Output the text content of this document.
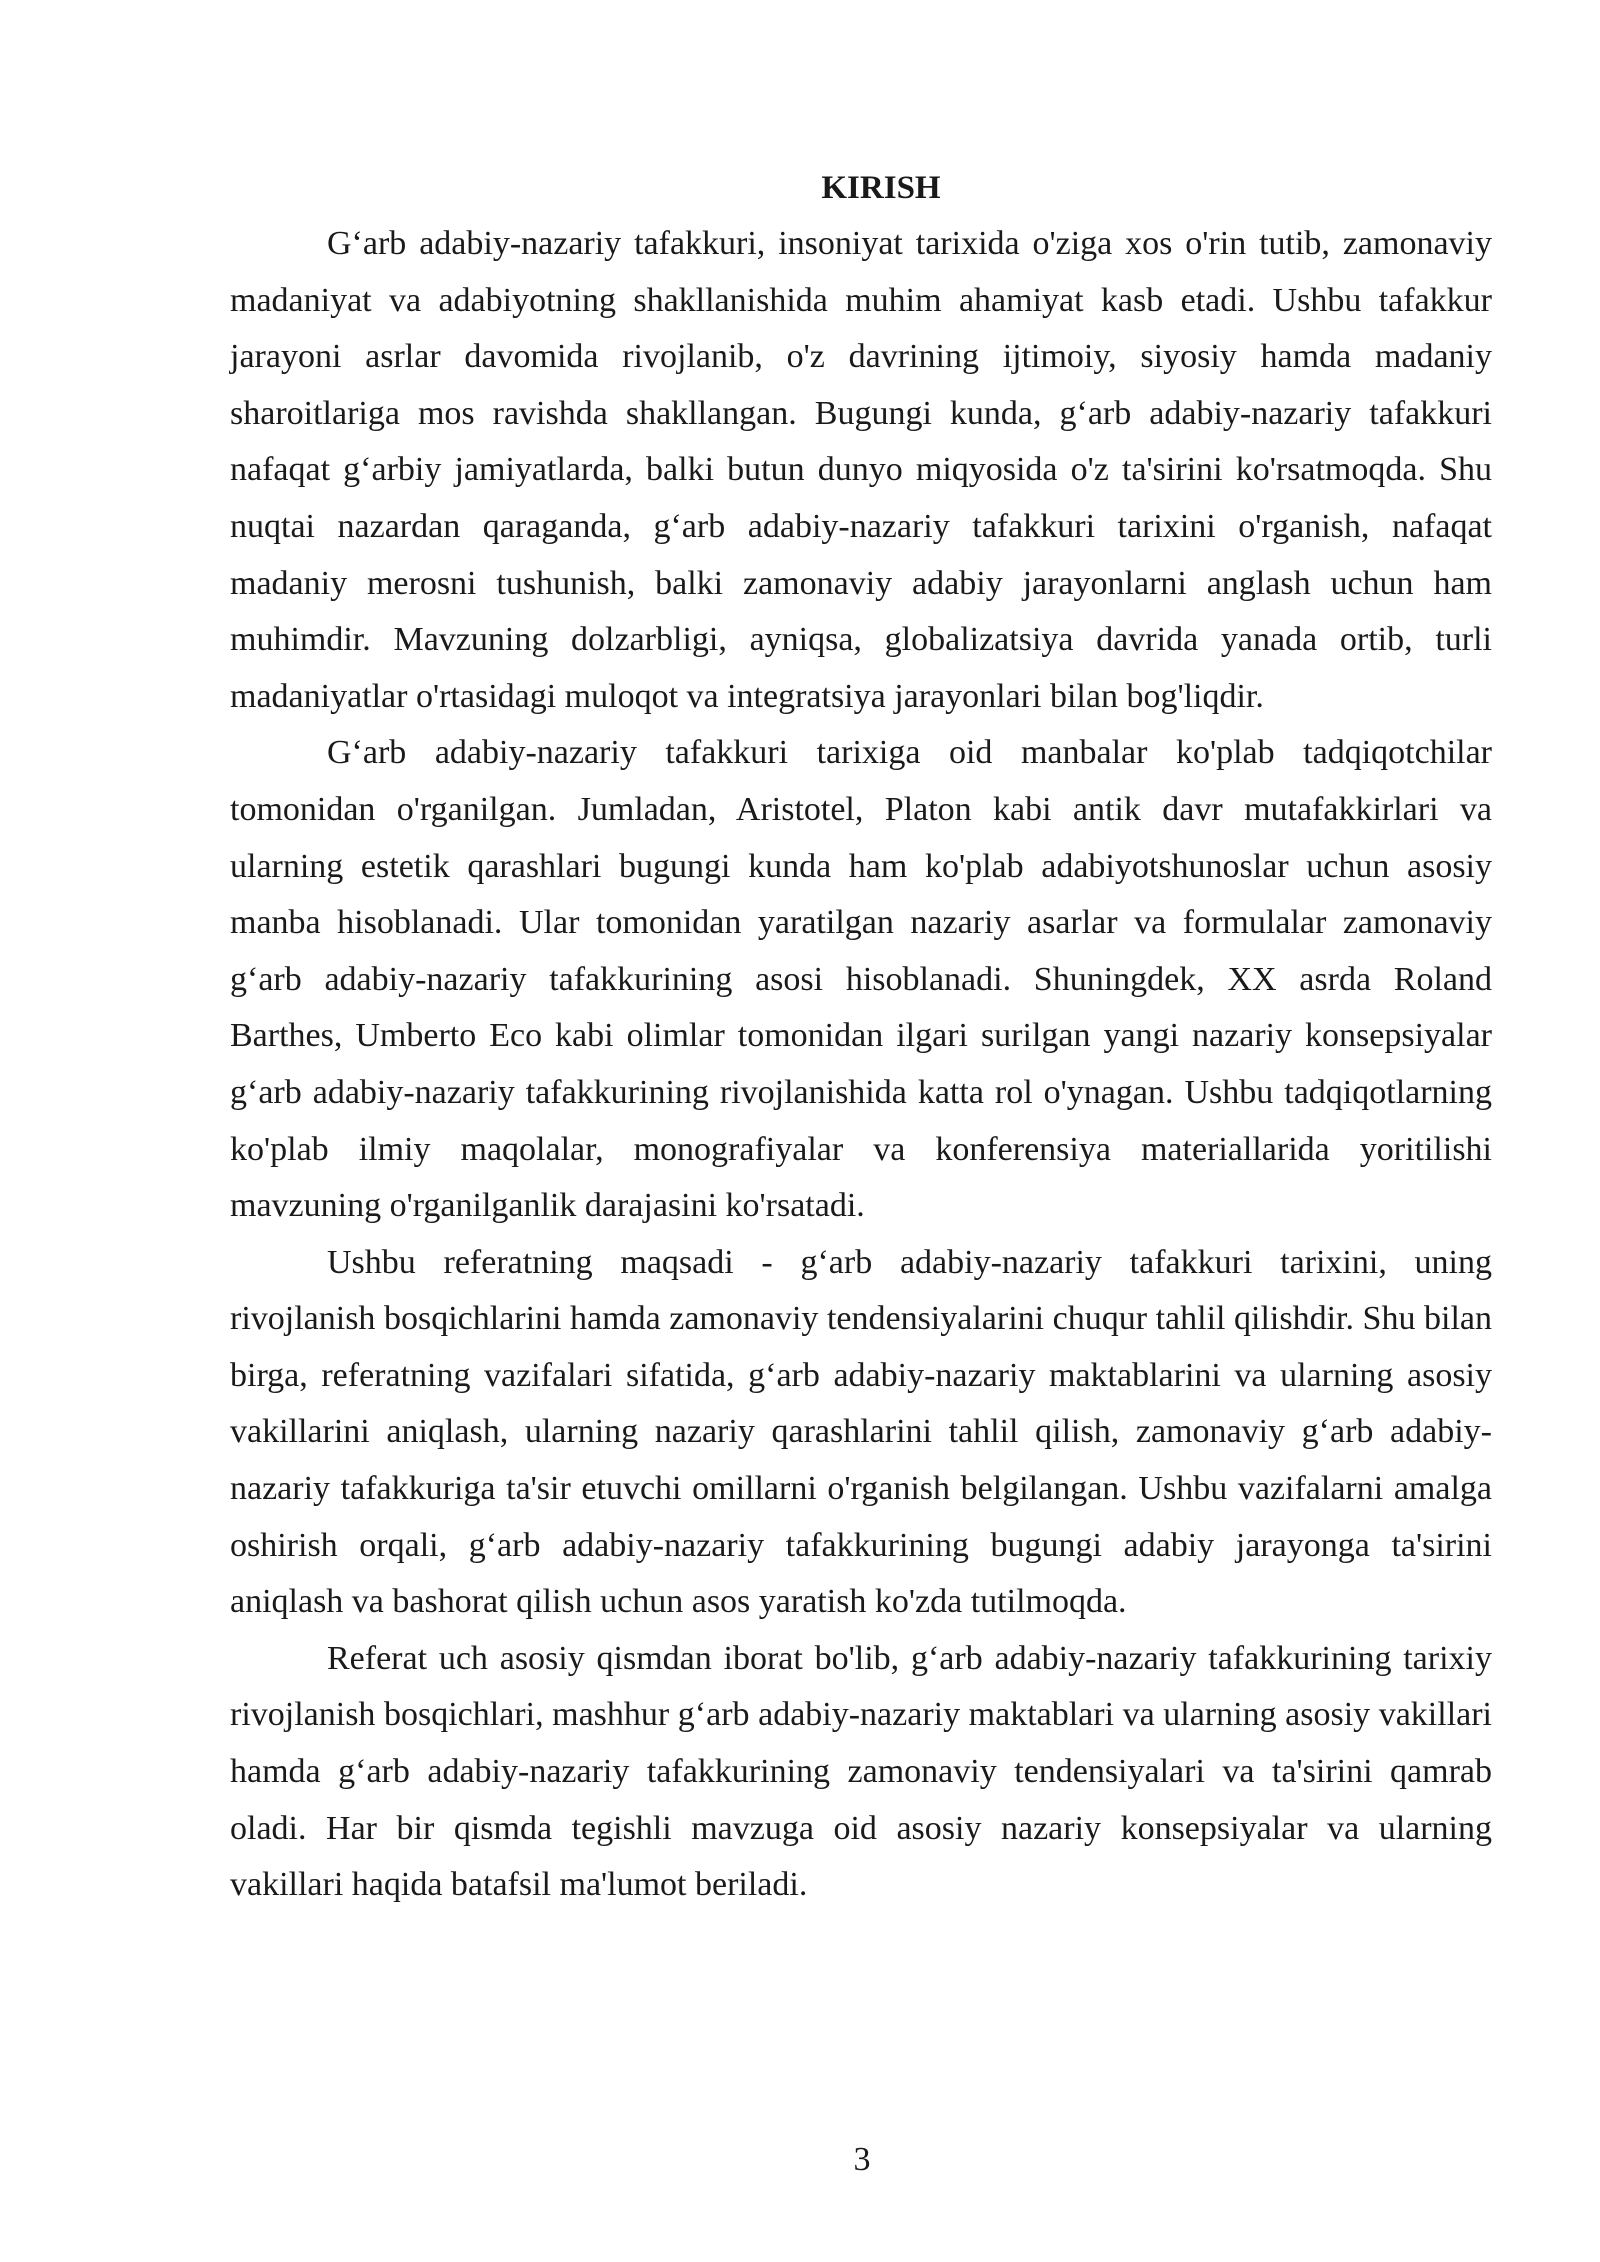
KIRISH

G‘arb adabiy-nazariy tafakkuri, insoniyat tarixida o'ziga xos o'rin tutib, zamonaviy madaniyat va adabiyotning shakllanishida muhim ahamiyat kasb etadi. Ushbu tafakkur jarayoni asrlar davomida rivojlanib, o'z davrining ijtimoiy, siyosiy hamda madaniy sharoitlariga mos ravishda shakllangan. Bugungi kunda, g‘arb adabiy-nazariy tafakkuri nafaqat g‘arbiy jamiyatlarda, balki butun dunyo miqyosida o'z ta'sirini ko'rsatmoqda. Shu nuqtai nazardan qaraganda, g‘arb adabiy-nazariy tafakkuri tarixini o'rganish, nafaqat madaniy merosni tushunish, balki zamonaviy adabiy jarayonlarni anglash uchun ham muhimdir. Mavzuning dolzarbligi, ayniqsa, globalizatsiya davrida yanada ortib, turli madaniyatlar o'rtasidagi muloqot va integratsiya jarayonlari bilan bog'liqdir.

G‘arb adabiy-nazariy tafakkuri tarixiga oid manbalar ko'plab tadqiqotchilar tomonidan o'rganilgan. Jumladan, Aristotel, Platon kabi antik davr mutafakkirlari va ularning estetik qarashlari bugungi kunda ham ko'plab adabiyotshunoslar uchun asosiy manba hisoblanadi. Ular tomonidan yaratilgan nazariy asarlar va formulalar zamonaviy g‘arb adabiy-nazariy tafakkurining asosi hisoblanadi. Shuningdek, XX asrda Roland Barthes, Umberto Eco kabi olimlar tomonidan ilgari surilgan yangi nazariy konsepsiyalar g‘arb adabiy-nazariy tafakkurining rivojlanishida katta rol o'ynagan. Ushbu tadqiqotlarning ko'plab ilmiy maqolalar, monografiyalar va konferensiya materiallarida yoritilishi mavzuning o'rganilganlik darajasini ko'rsatadi.

Ushbu referatning maqsadi - g‘arb adabiy-nazariy tafakkuri tarixini, uning rivojlanish bosqichlarini hamda zamonaviy tendensiyalarini chuqur tahlil qilishdir. Shu bilan birga, referatning vazifalari sifatida, g‘arb adabiy-nazariy maktablarini va ularning asosiy vakillarini aniqlash, ularning nazariy qarashlarini tahlil qilish, zamonaviy g‘arb adabiy-nazariy tafakkuriga ta'sir etuvchi omillarni o'rganish belgilangan. Ushbu vazifalarni amalga oshirish orqali, g‘arb adabiy-nazariy tafakkurining bugungi adabiy jarayonga ta'sirini aniqlash va bashorat qilish uchun asos yaratish ko'zda tutilmoqda.

Referat uch asosiy qismdan iborat bo'lib, g‘arb adabiy-nazariy tafakkurining tarixiy rivojlanish bosqichlari, mashhur g‘arb adabiy-nazariy maktablari va ularning asosiy vakillari hamda g‘arb adabiy-nazariy tafakkurining zamonaviy tendensiyalari va ta'sirini qamrab oladi. Har bir qismda tegishli mavzuga oid asosiy nazariy konsepsiyalar va ularning vakillari haqida batafsil ma'lumot beriladi.

3
